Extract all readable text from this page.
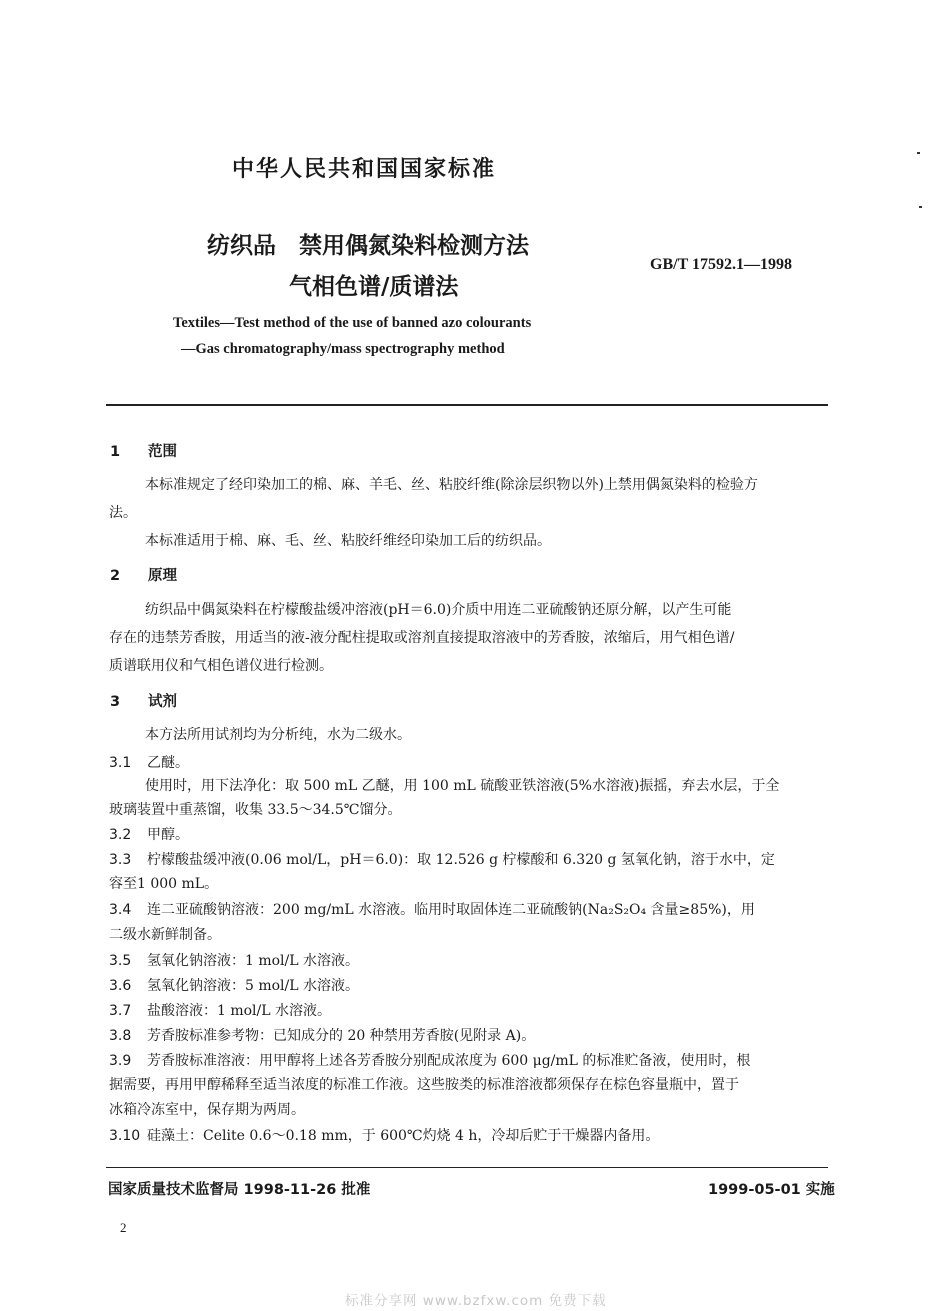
中华人民共和国国家标准
纺织品　禁用偶氮染料检测方法
气相色谱/质谱法
GB/T 17592.1—1998
Textiles—Test method of the use of banned azo colourants
—Gas chromatography/mass spectrography method
1 范围
本标准规定了经印染加工的棉、麻、羊毛、丝、粘胶纤维(除涂层织物以外)上禁用偶氮染料的检验方
法。
本标准适用于棉、麻、毛、丝、粘胶纤维经印染加工后的纺织品。
2 原理
纺织品中偶氮染料在柠檬酸盐缓冲溶液(pH＝6.0)介质中用连二亚硫酸钠还原分解，以产生可能
存在的违禁芳香胺，用适当的液-液分配柱提取或溶剂直接提取溶液中的芳香胺，浓缩后，用气相色谱/
质谱联用仪和气相色谱仪进行检测。
3 试剂
本方法所用试剂均为分析纯，水为二级水。
3.1 乙醚。
使用时，用下法净化：取 500 mL 乙醚，用 100 mL 硫酸亚铁溶液(5%水溶液)振摇，弃去水层，于全
玻璃装置中重蒸馏，收集 33.5～34.5℃馏分。
3.2 甲醇。
3.3 柠檬酸盐缓冲液(0.06 mol/L，pH＝6.0)：取 12.526 g 柠檬酸和 6.320 g 氢氧化钠，溶于水中，定
容至1 000 mL。
3.4 连二亚硫酸钠溶液：200 mg/mL 水溶液。临用时取固体连二亚硫酸钠(Na₂S₂O₄ 含量≥85%)，用
二级水新鲜制备。
3.5 氢氧化钠溶液：1 mol/L 水溶液。
3.6 氢氧化钠溶液：5 mol/L 水溶液。
3.7 盐酸溶液：1 mol/L 水溶液。
3.8 芳香胺标准参考物：已知成分的 20 种禁用芳香胺(见附录 A)。
3.9 芳香胺标准溶液：用甲醇将上述各芳香胺分别配成浓度为 600 μg/mL 的标准贮备液，使用时，根
据需要，再用甲醇稀释至适当浓度的标准工作液。这些胺类的标准溶液都须保存在棕色容量瓶中，置于
冰箱冷冻室中，保存期为两周。
3.10 硅藻土：Celite 0.6～0.18 mm，于 600℃灼烧 4 h，冷却后贮于干燥器内备用。
国家质量技术监督局 1998-11-26 批准	1999-05-01 实施
2
标准分享网 www.bzfxw.com 免费下载
